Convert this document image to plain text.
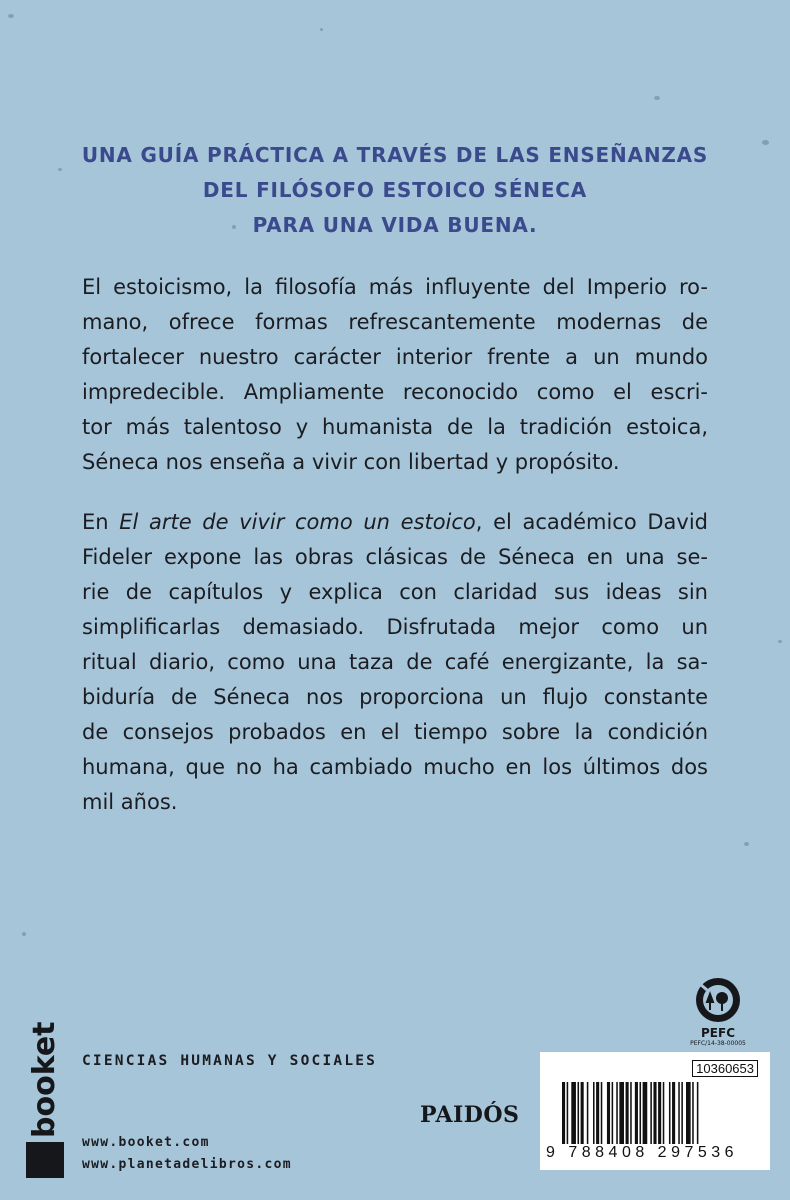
UNA GUÍA PRÁCTICA A TRAVÉS DE LAS ENSEÑANZAS
DEL FILÓSOFO ESTOICO SÉNECA
PARA UNA VIDA BUENA.
El estoicismo, la filosofía más influyente del Imperio ro-
mano, ofrece formas refrescantemente modernas de
fortalecer nuestro carácter interior frente a un mundo
impredecible. Ampliamente reconocido como el escri-
tor más talentoso y humanista de la tradición estoica,
Séneca nos enseña a vivir con libertad y propósito.
En El arte de vivir como un estoico, el académico David
Fideler expone las obras clásicas de Séneca en una se-
rie de capítulos y explica con claridad sus ideas sin
simplificarlas demasiado. Disfrutada mejor como un
ritual diario, como una taza de café energizante, la sa-
biduría de Séneca nos proporciona un flujo constante
de consejos probados en el tiempo sobre la condición
humana, que no ha cambiado mucho en los últimos dos
mil años.
booket	CIENCIAS HUMANAS Y SOCIALES
www.booket.com
www.planetadelibros.com
PAIDÓS
PEFC
PEFC/14-38-00005
10360653
9 788408 297536
